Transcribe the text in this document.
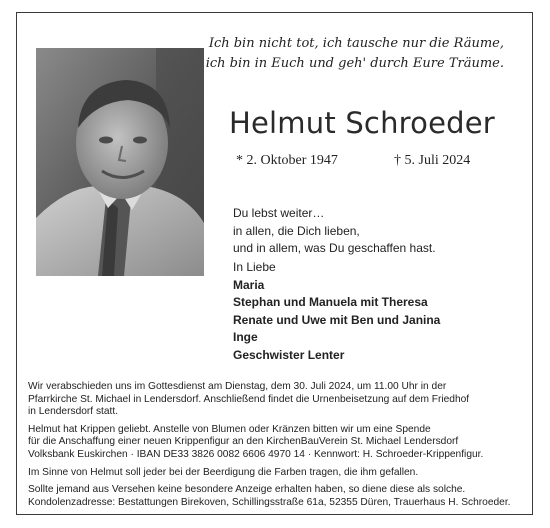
Ich bin nicht tot, ich tausche nur die Räume,
ich bin in Euch und geh' durch Eure Träume.
Helmut Schroeder
* 2. Oktober 1947	† 5. Juli 2024
Du lebst weiter…
in allen, die Dich lieben,
und in allem, was Du geschaffen hast.
In Liebe
Maria
Stephan und Manuela mit Theresa
Renate und Uwe mit Ben und Janina
Inge
Geschwister Lenter

Wir verabschieden uns im Gottesdienst am Dienstag, dem 30. Juli 2024, um 11.00 Uhr in der
Pfarrkirche St. Michael in Lendersdorf. Anschließend findet die Urnenbeisetzung auf dem Friedhof
in Lendersdorf statt.

Helmut hat Krippen geliebt. Anstelle von Blumen oder Kränzen bitten wir um eine Spende
für die Anschaffung einer neuen Krippenfigur an den KirchenBauVerein St. Michael Lendersdorf
Volksbank Euskirchen · IBAN DE33 3826 0082 6606 4970 14 · Kennwort: H. Schroeder-Krippenfigur.

Im Sinne von Helmut soll jeder bei der Beerdigung die Farben tragen, die ihm gefallen.

Sollte jemand aus Versehen keine besondere Anzeige erhalten haben, so diene diese als solche.
Kondolenzadresse: Bestattungen Birekoven, Schillingsstraße 61a, 52355 Düren, Trauerhaus H. Schroeder.
